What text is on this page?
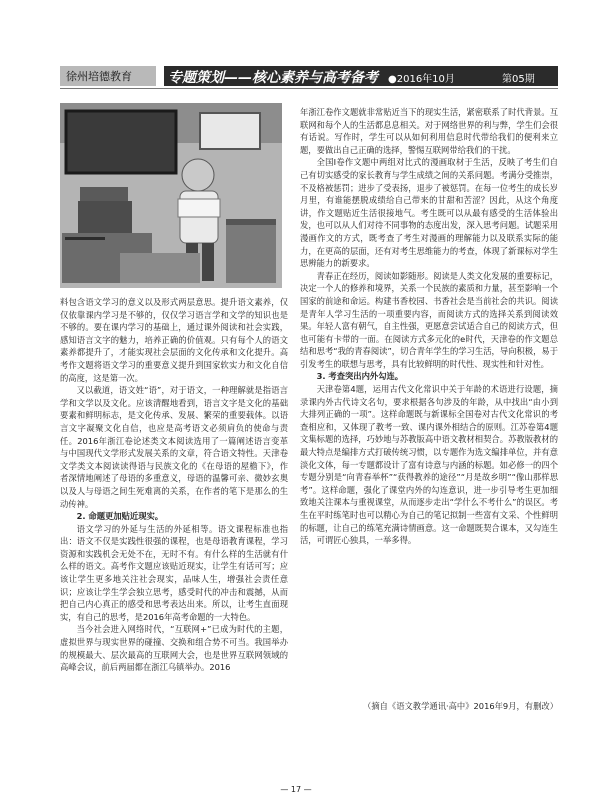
徐州培德教育	专题策划——核心素养与高考备考 ●2016年10月	第05期

料包含语文学习的意义以及形式两层意思。提升语文素养，仅仅依靠课内学习是不够的，仅仅学习语言学和文学的知识也是不够的。要在课内学习的基础上，通过课外阅读和社会实践，感知语言文字的魅力，培养正确的价值观。只有每个人的语文素养都提升了，才能实现社会层面的文化传承和文化提升。高考作文题将语文学习的重要意义提升到国家软实力和文化自信的高度，这是第一次。

又以截道，语文姓“语”，对于语文，一种理解就是指语言学和文学以及文化。应该清醒地看到，语言文字是文化的基础要素和鲜明标志，是文化传承、发展、繁荣的重要载体。以语言文字凝聚文化自信，也应是高考语文必须肩负的使命与责任。2016年浙江卷论述类文本阅读选用了一篇阐述语言变革与中国现代文学形式发展关系的文章，符合语文特性。天津卷文学类文本阅读读得语与民族文化的《在母语的屋檐下》，作者深情地阐述了母语的多重意义，母语的温馨可亲、微妙玄奥以及人与母语之间生死难离的关系，在作者的笔下是那么的生动传神。

2. 命题更加贴近现实。

语文学习的外延与生活的外延相等。语文课程标准也指出：语文不仅是实践性很强的课程，也是母语教育课程，学习资源和实践机会无处不在，无时不有。有什么样的生活就有什么样的语文。高考作文题应该贴近现实，让学生有话可写；应该让学生更多地关注社会现实，品味人生，增强社会责任意识；应该让学生学会独立思考，感受时代的冲击和震撼，从而把自己内心真正的感受和思考表达出来。所以，让考生直面现实，有自己的思考，是2016年高考命题的一大特色。

当今社会进入网络时代，“互联网+”已成为时代的主题，虚拟世界与现实世界的碰撞、交换和组合势不可当。我国举办的规模最大、层次最高的互联网大会，也是世界互联网领域的高峰会议，前后两届都在浙江乌镇举办。2016

年浙江卷作文题就非常贴近当下的现实生活，紧密联系了时代背景。互联网和每个人的生活都息息相关。对于网络世界的利与弊，学生们会很有话说。写作时，学生可以从如何利用信息时代带给我们的便利来立题，要做出自己正确的选择，警惕互联网带给我们的干扰。

全国Ⅰ卷作文题中两组对比式的漫画取材于生活，反映了考生们自己有切实感受的家长教育与学生成绩之间的关系问题。考满分受推崇，不及格被惩罚；进步了受表扬，退步了被惩罚。在每一位考生的成长岁月里，有谁能摆脱成绩给自己带来的甘甜和苦涩？因此，从这个角度讲，作文题贴近生活很接地气。考生既可以从最有感受的生活体验出发，也可以从人们对待不同事物的态度出发，深入思考问题。试题采用漫画作文的方式，既考查了考生对漫画的理解能力以及联系实际的能力，在更高的层面，还有对考生思维能力的考查，体现了新课标对学生思辨能力的新要求。

青春正在经历，阅读如影随形。阅读是人类文化发展的重要标记，决定一个人的修养和境界，关系一个民族的素质和力量，甚至影响一个国家的前途和命运。构建书香校园、书香社会是当前社会的共识。阅读是青年人学习生活的一项重要内容，而阅读方式的选择关系到阅读效果。年轻人富有朝气，自主性强，更愿意尝试适合自己的阅读方式，但也可能有卡带的一面。在阅读方式多元化的e时代，天津卷的作文题总结和思考“我的青春阅读”，切合青年学生的学习生活，导向积极，易于引发考生的联想与思考，具有比较鲜明的时代性、现实性和针对性。

3. 考查突出内外勾连。

天津卷第4题，运用古代文化常识中关于年龄的术语进行设题，摘录课内外古代诗文名句，要求根据各句涉及的年龄，从中找出“由小到大排列正确的一项”。这样命题既与新课标全国卷对古代文化常识的考查相应和，又体现了教考一致、课内课外相结合的原则。江苏卷第4题文集标题的选择，巧妙地与苏教版高中语文教材相契合。苏教版教材的最大特点是编排方式打破传统习惯，以专题作为选文编排单位，并有意淡化文体，每一专题都设计了富有诗意与内涵的标题。如必修一的四个专题分别是“向青春举杯”“获得教养的途径”“月是故乡明”“像山那样思考”。这样命题，强化了课堂内外的勾连意识，进一步引导考生更加细致地关注课本与重视课堂，从而逐步走出“学什么不考什么”的误区。考生在平时练笔时也可以精心为自己的笔记拟制一些富有文采、个性鲜明的标题，让自己的练笔充满诗情画意。这一命题既契合课本，又勾连生活，可谓匠心独具，一举多得。

（摘自《语文教学通讯·高中》2016年9月，有删改）
— 17 —
